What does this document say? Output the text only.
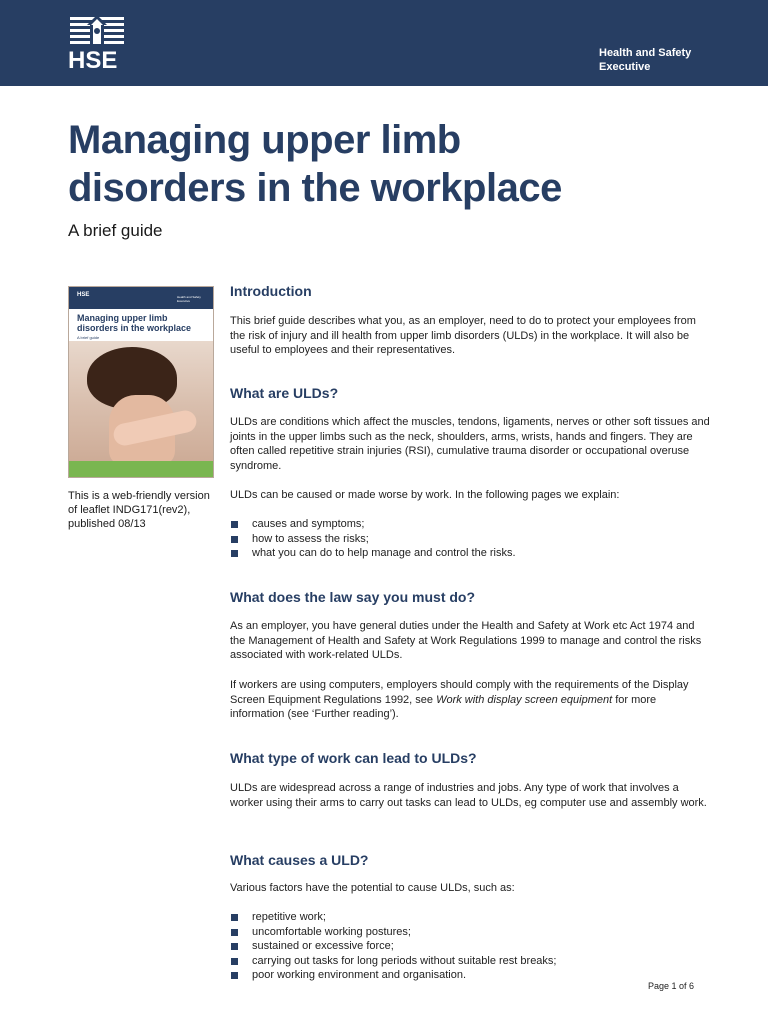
HSE	Health and Safety
Executive
Managing upper limb
disorders in the workplace
A brief guide
HSE	Health and Safety Executive
Managing upper limb disorders in the workplace
A brief guide
This is a web-friendly version
of leaflet INDG171(rev2),
published 08/13
Introduction

This brief guide describes what you, as an employer, need to do to protect your employees from the risk of injury and ill health from upper limb disorders (ULDs) in the workplace. It will also be useful to employees and their representatives.

What are ULDs?

ULDs are conditions which affect the muscles, tendons, ligaments, nerves or other soft tissues and joints in the upper limbs such as the neck, shoulders, arms, wrists, hands and fingers. They are often called repetitive strain injuries (RSI), cumulative trauma disorder or occupational overuse syndrome.

ULDs can be caused or made worse by work. In the following pages we explain:

causes and symptoms;
how to assess the risks;
what you can do to help manage and control the risks.
What does the law say you must do?

As an employer, you have general duties under the Health and Safety at Work etc Act 1974 and the Management of Health and Safety at Work Regulations 1999 to manage and control the risks associated with work-related ULDs.

If workers are using computers, employers should comply with the requirements of the Display Screen Equipment Regulations 1992, see Work with display screen equipment for more information (see ‘Further reading’).

What type of work can lead to ULDs?

ULDs are widespread across a range of industries and jobs. Any type of work that involves a worker using their arms to carry out tasks can lead to ULDs, eg computer use and assembly work.

What causes a ULD?

Various factors have the potential to cause ULDs, such as:

repetitive work;
uncomfortable working postures;
sustained or excessive force;
carrying out tasks for long periods without suitable rest breaks;
poor working environment and organisation.
Page 1 of 6
